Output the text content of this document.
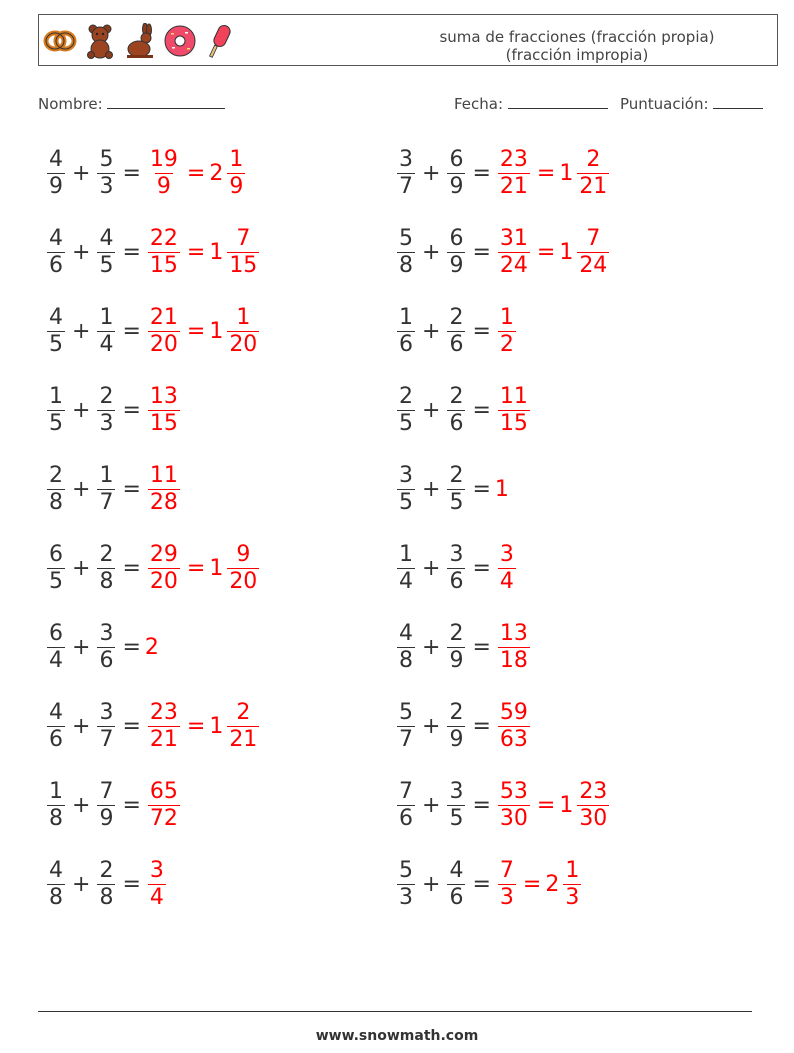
suma de fracciones (fracción propia) (fracción impropia)
Nombre:	Fecha:	Puntuación:
$\frac{4}{9} + \frac{5}{3} = \frac{19}{9} = 2 \frac{1}{9}$	$\frac{3}{7} + \frac{6}{9} = \frac{23}{21} = 1 \frac{2}{21}$
$\frac{4}{6} + \frac{4}{5} = \frac{22}{15} = 1 \frac{7}{15}$	$\frac{5}{8} + \frac{6}{9} = \frac{31}{24} = 1 \frac{7}{24}$
$\frac{4}{5} + \frac{1}{4} = \frac{21}{20} = 1 \frac{1}{20}$	$\frac{1}{6} + \frac{2}{6} = \frac{1}{2}$
$\frac{1}{5} + \frac{2}{3} = \frac{13}{15}$	$\frac{2}{5} + \frac{2}{6} = \frac{11}{15}$
$\frac{2}{8} + \frac{1}{7} = \frac{11}{28}$	$\frac{3}{5} + \frac{2}{5} = 1$
$\frac{6}{5} + \frac{2}{8} = \frac{29}{20} = 1 \frac{9}{20}$	$\frac{1}{4} + \frac{3}{6} = \frac{3}{4}$
$\frac{6}{4} + \frac{3}{6} = 2$	$\frac{4}{8} + \frac{2}{9} = \frac{13}{18}$
$\frac{4}{6} + \frac{3}{7} = \frac{23}{21} = 1 \frac{2}{21}$	$\frac{5}{7} + \frac{2}{9} = \frac{59}{63}$
$\frac{1}{8} + \frac{7}{9} = \frac{65}{72}$	$\frac{7}{6} + \frac{3}{5} = \frac{53}{30} = 1 \frac{23}{30}$
$\frac{4}{8} + \frac{2}{8} = \frac{3}{4}$	$\frac{5}{3} + \frac{4}{6} = \frac{7}{3} = 2 \frac{1}{3}$
www.snowmath.com
